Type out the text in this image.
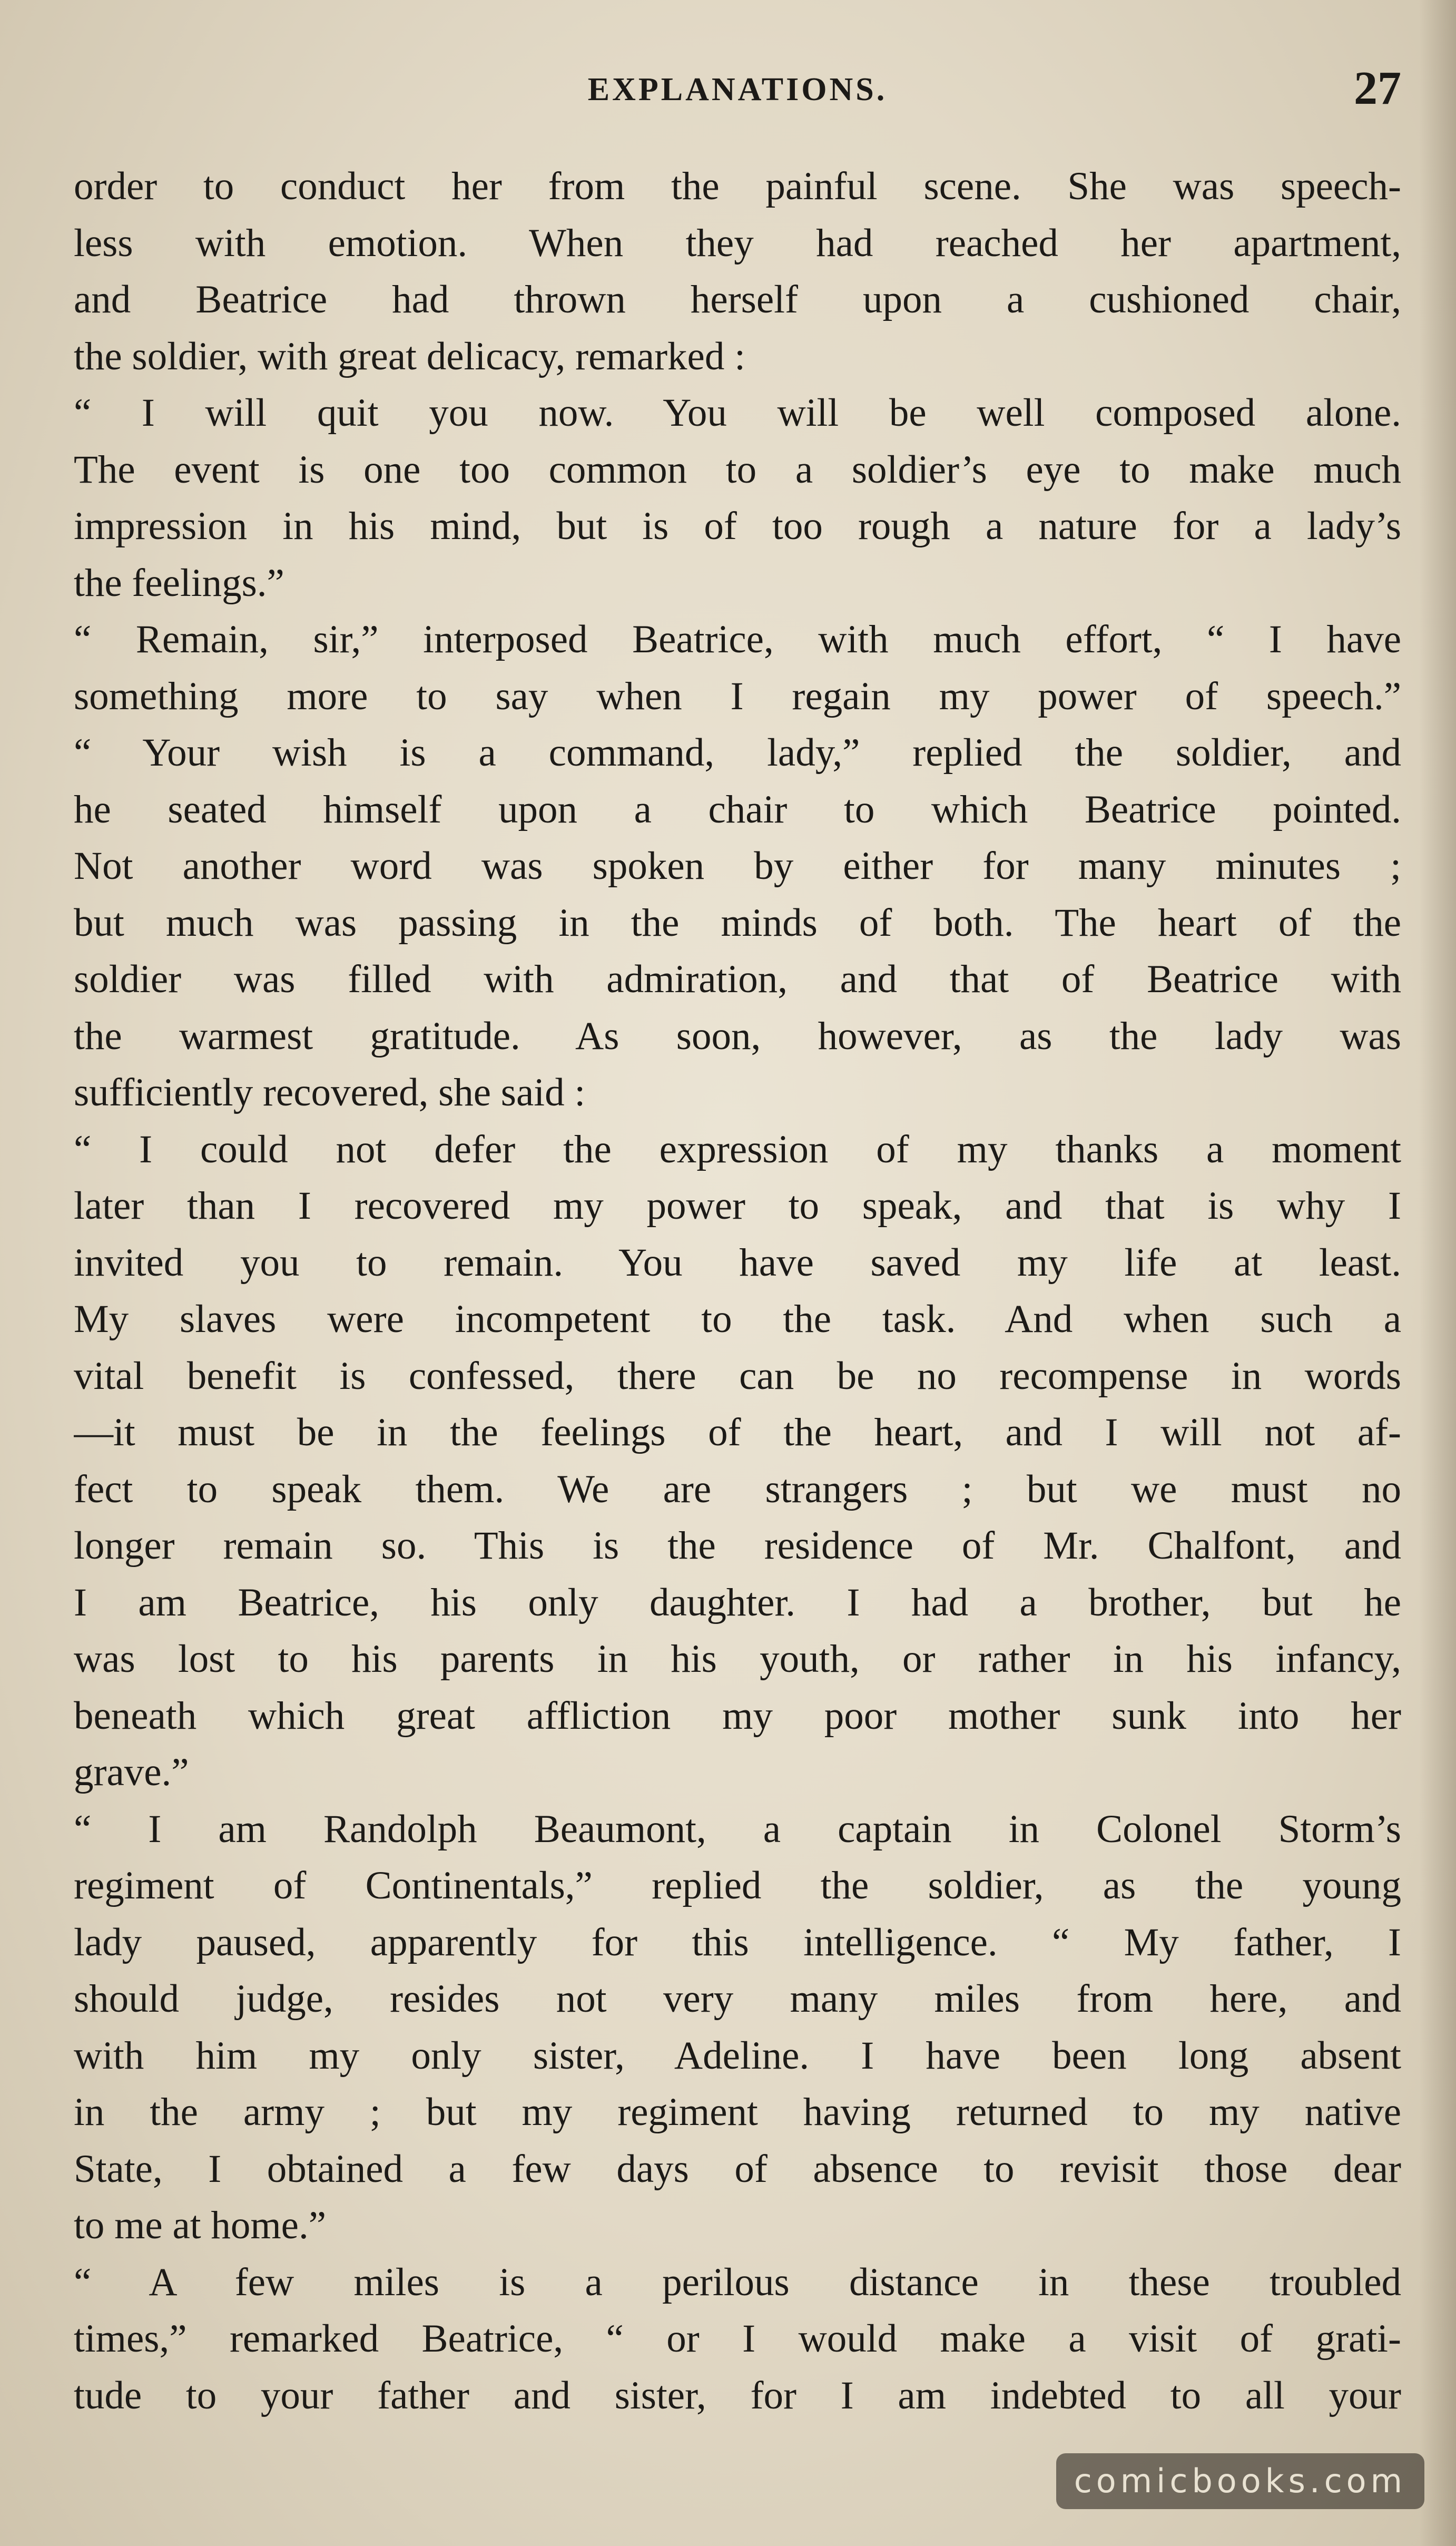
EXPLANATIONS.	27
order to conduct her from the painful scene. She was speech-
less with emotion. When they had reached her apartment,
and Beatrice had thrown herself upon a cushioned chair,
the soldier, with great delicacy, remarked :
“ I will quit you now. You will be well composed alone.
The event is one too common to a soldier’s eye to make much
impression in his mind, but is of too rough a nature for a lady’s
the feelings.”
“ Remain, sir,” interposed Beatrice, with much effort, “ I have
something more to say when I regain my power of speech.”
“ Your wish is a command, lady,” replied the soldier, and
he seated himself upon a chair to which Beatrice pointed.
Not another word was spoken by either for many minutes ;
but much was passing in the minds of both. The heart of the
soldier was filled with admiration, and that of Beatrice with
the warmest gratitude. As soon, however, as the lady was
sufficiently recovered, she said :
“ I could not defer the expression of my thanks a moment
later than I recovered my power to speak, and that is why I
invited you to remain. You have saved my life at least.
My slaves were incompetent to the task. And when such a
vital benefit is confessed, there can be no recompense in words
—it must be in the feelings of the heart, and I will not af-
fect to speak them. We are strangers ; but we must no
longer remain so. This is the residence of Mr. Chalfont, and
I am Beatrice, his only daughter. I had a brother, but he
was lost to his parents in his youth, or rather in his infancy,
beneath which great affliction my poor mother sunk into her
grave.”
“ I am Randolph Beaumont, a captain in Colonel Storm’s
regiment of Continentals,” replied the soldier, as the young
lady paused, apparently for this intelligence. “ My father, I
should judge, resides not very many miles from here, and
with him my only sister, Adeline. I have been long absent
in the army ; but my regiment having returned to my native
State, I obtained a few days of absence to revisit those dear
to me at home.”
“ A few miles is a perilous distance in these troubled
times,” remarked Beatrice, “ or I would make a visit of grati-
tude to your father and sister, for I am indebted to all your
comicbooks.com
